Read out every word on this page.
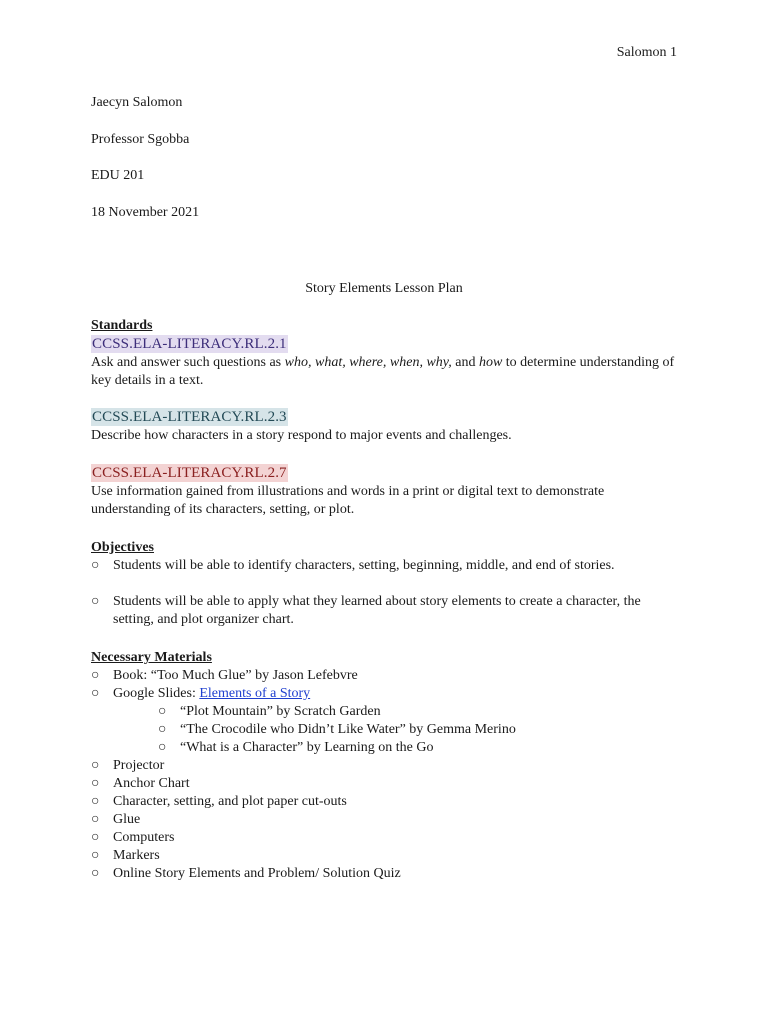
Salomon 1
Jaecyn Salomon
Professor Sgobba
EDU 201
18 November 2021
Story Elements Lesson Plan
Standards
CCSS.ELA-LITERACY.RL.2.1
Ask and answer such questions as who, what, where, when, why, and how to determine understanding of key details in a text.
CCSS.ELA-LITERACY.RL.2.3
Describe how characters in a story respond to major events and challenges.
CCSS.ELA-LITERACY.RL.2.7
Use information gained from illustrations and words in a print or digital text to demonstrate understanding of its characters, setting, or plot.
Objectives
○ Students will be able to identify characters, setting, beginning, middle, and end of stories.
○ Students will be able to apply what they learned about story elements to create a character, the setting, and plot organizer chart.
Necessary Materials
○ Book: “Too Much Glue” by Jason Lefebvre
○ Google Slides: Elements of a Story
○ “Plot Mountain” by Scratch Garden
○ “The Crocodile who Didn’t Like Water” by Gemma Merino
○ “What is a Character” by Learning on the Go
○ Projector
○ Anchor Chart
○ Character, setting, and plot paper cut-outs
○ Glue
○ Computers
○ Markers
○ Online Story Elements and Problem/ Solution Quiz
